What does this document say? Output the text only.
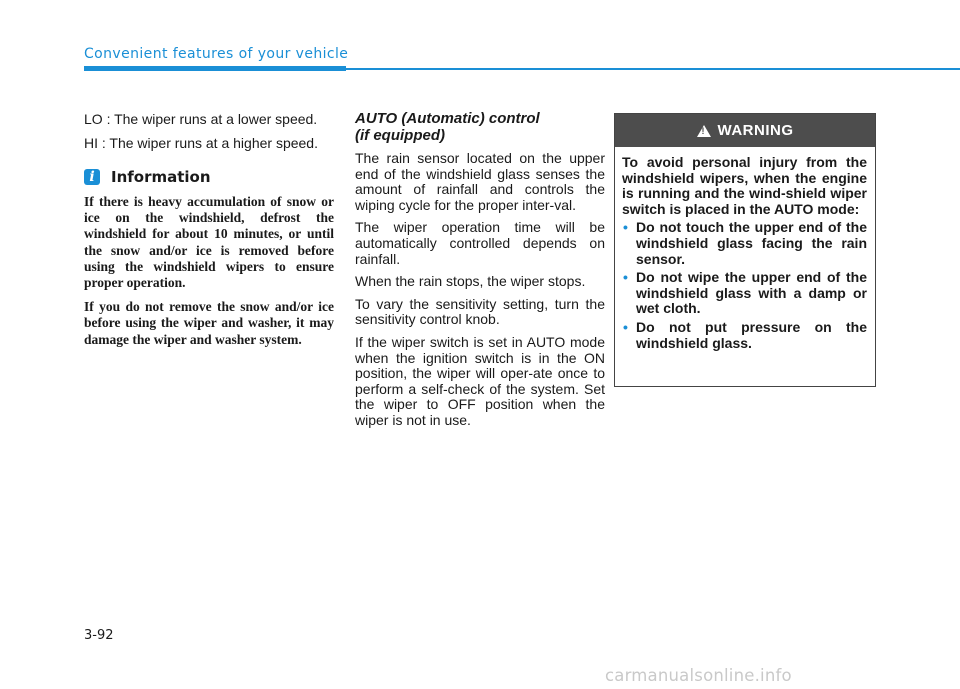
Convenient features of your vehicle

LO : The wiper runs at a lower speed.

HI : The wiper runs at a higher speed.

i	Information

If there is heavy accumulation of snow or ice on the windshield, defrost the windshield for about 10 minutes, or until the snow and/or ice is removed before using the windshield wipers to ensure proper operation.

If you do not remove the snow and/or ice before using the wiper and washer, it may damage the wiper and washer system.

AUTO (Automatic) control
(if equipped)

The rain sensor located on the upper end of the windshield glass senses the amount of rainfall and controls the wiping cycle for the proper inter-val.

The wiper operation time will be automatically controlled depends on rainfall.

When the rain stops, the wiper stops.

To vary the sensitivity setting, turn the sensitivity control knob.

If the wiper switch is set in AUTO mode when the ignition switch is in the ON position, the wiper will oper-ate once to perform a self-check of the system. Set the wiper to OFF position when the wiper is not in use.

!
WARNING

To avoid personal injury from the windshield wipers, when the engine is running and the wind-shield wiper switch is placed in the AUTO mode:

• Do not touch the upper end of the windshield glass facing the rain sensor.
• Do not wipe the upper end of the windshield glass with a damp or wet cloth.
• Do not put pressure on the windshield glass.
3-92
carmanualsonline.info
